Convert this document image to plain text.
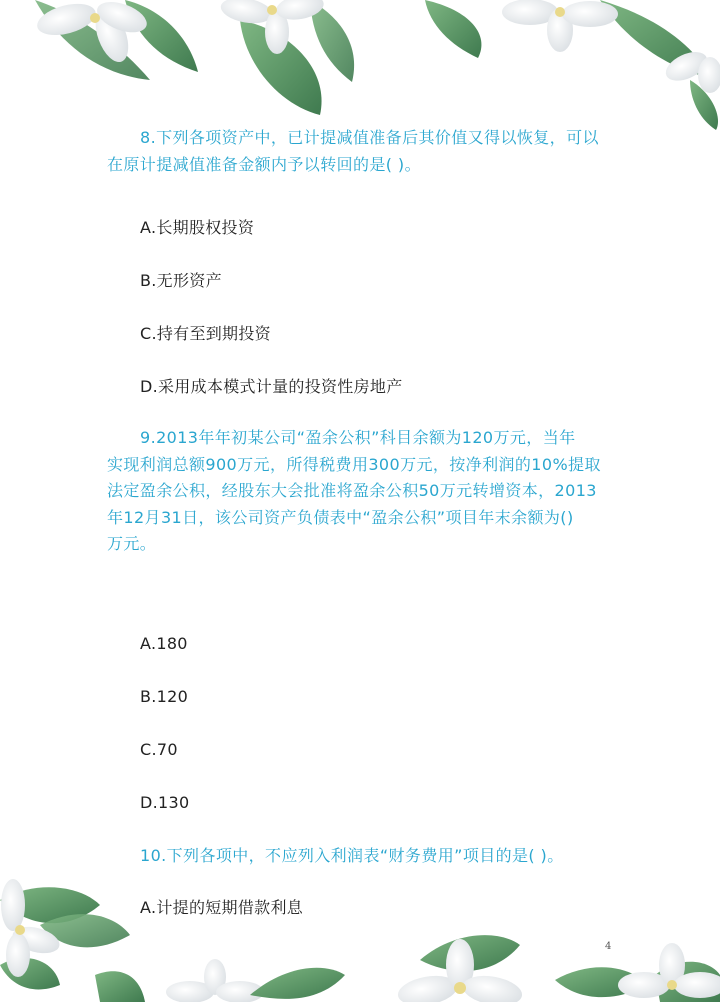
8.下列各项资产中，已计提减值准备后其价值又得以恢复，可以
在原计提减值准备金额内予以转回的是( )。

A.长期股权投资

B.无形资产

C.持有至到期投资

D.采用成本模式计量的投资性房地产

9.2013年年初某公司“盈余公积”科目余额为120万元，当年
实现利润总额900万元，所得税费用300万元，按净利润的10%提取
法定盈余公积，经股东大会批准将盈余公积50万元转增资本，2013
年12月31日，该公司资产负债表中“盈余公积”项目年末余额为()
万元。

A.180

B.120

C.70

D.130

10.下列各项中，不应列入利润表“财务费用”项目的是( )。

A.计提的短期借款利息

4
